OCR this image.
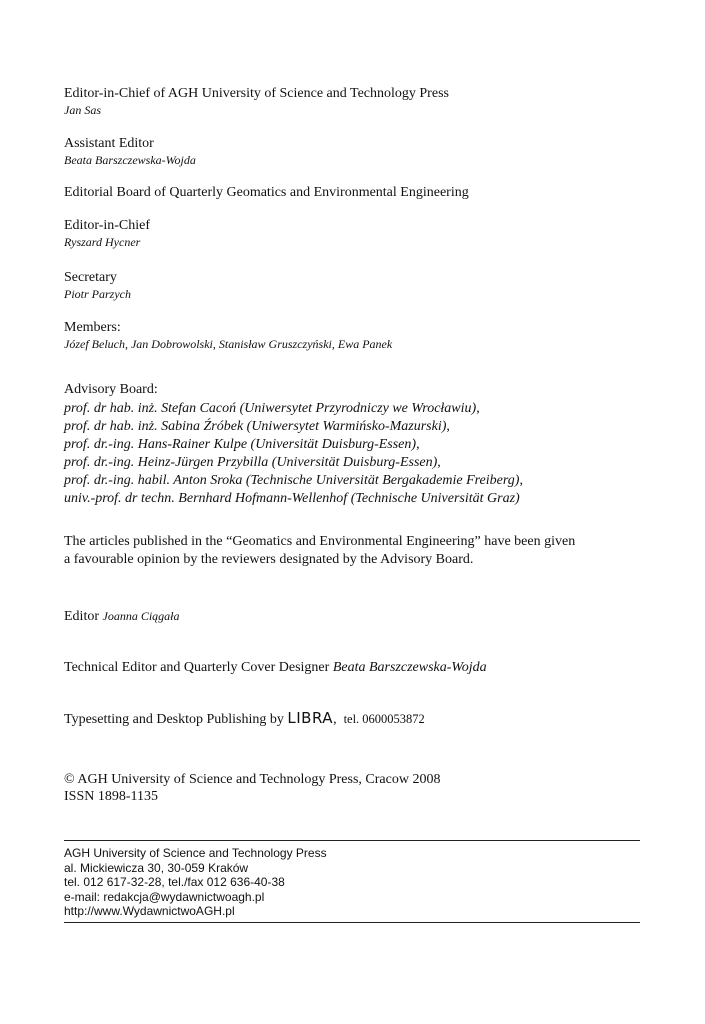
Editor-in-Chief of AGH University of Science and Technology Press
Jan Sas
Assistant Editor
Beata Barszczewska-Wojda
Editorial Board of Quarterly Geomatics and Environmental Engineering
Editor-in-Chief
Ryszard Hycner
Secretary
Piotr Parzych
Members:
Józef Beluch, Jan Dobrowolski, Stanisław Gruszczyński, Ewa Panek
Advisory Board:
prof. dr hab. inż. Stefan Cacoń (Uniwersytet Przyrodniczy we Wrocławiu),
prof. dr hab. inż. Sabina Źróbek (Uniwersytet Warmińsko-Mazurski),
prof. dr.-ing. Hans-Rainer Kulpe (Universität Duisburg-Essen),
prof. dr.-ing. Heinz-Jürgen Przybilla (Universität Duisburg-Essen),
prof. dr.-ing. habil. Anton Sroka (Technische Universität Bergakademie Freiberg),
univ.-prof. dr techn. Bernhard Hofmann-Wellenhof (Technische Universität Graz)
The articles published in the “Geomatics and Environmental Engineering” have been given
a favourable opinion by the reviewers designated by the Advisory Board.
Editor Joanna Ciągała
Technical Editor and Quarterly Cover Designer Beata Barszczewska-Wojda
Typesetting and Desktop Publishing by LIBRA, tel. 0600053872
© AGH University of Science and Technology Press, Cracow 2008
ISSN 1898-1135
AGH University of Science and Technology Press
al. Mickiewicza 30, 30-059 Kraków
tel. 012 617-32-28, tel./fax 012 636-40-38
e-mail: redakcja@wydawnictwoagh.pl
http://www.WydawnictwoAGH.pl
